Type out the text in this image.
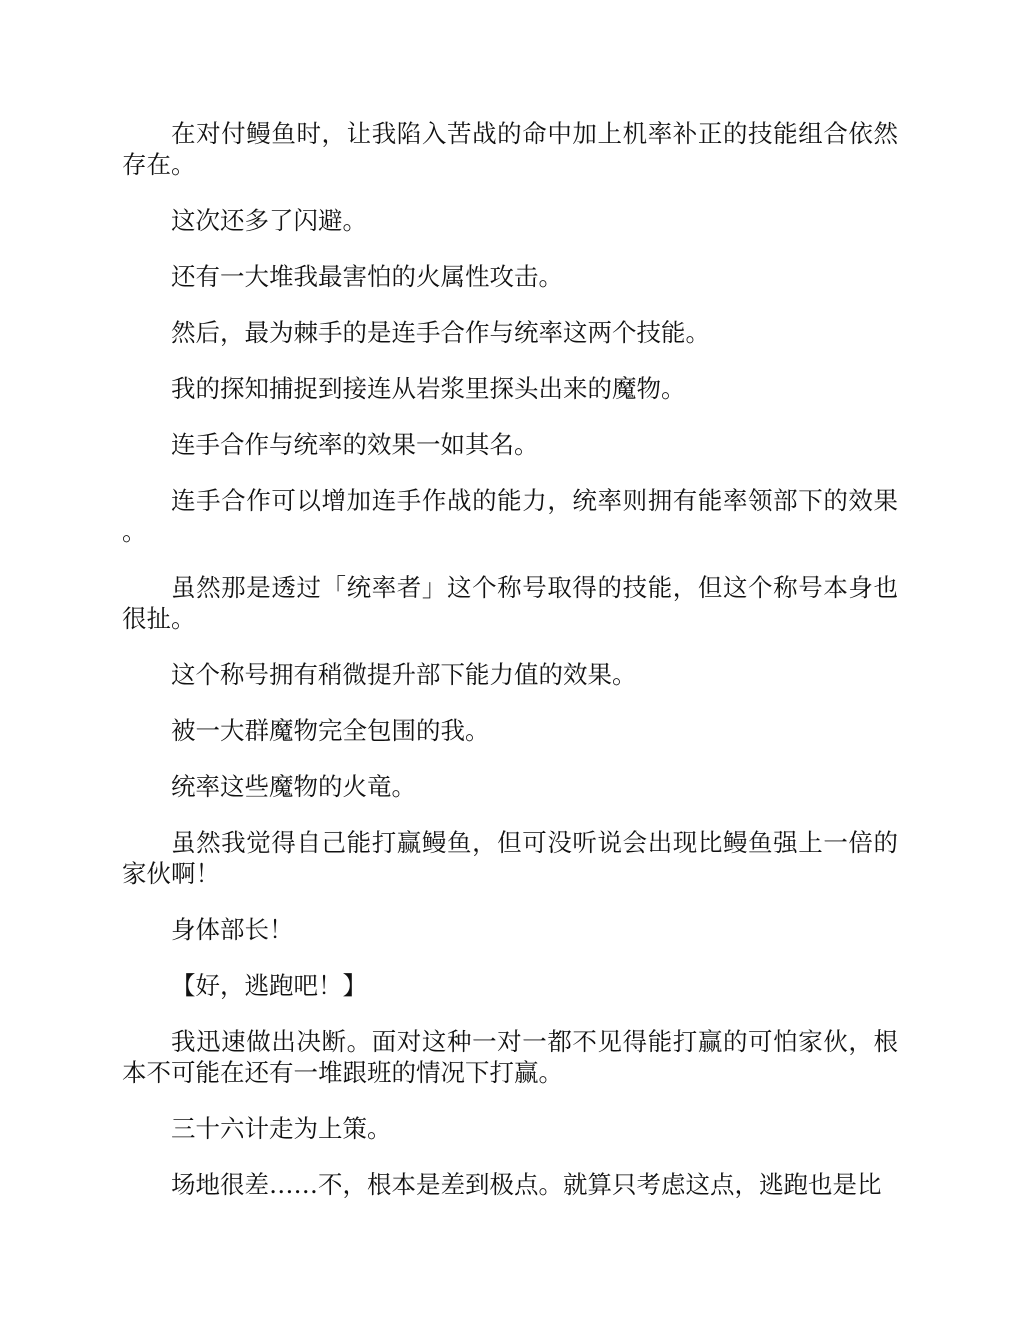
在对付鳗鱼时，让我陷入苦战的命中加上机率补正的技能组合依然存在。

这次还多了闪避。

还有一大堆我最害怕的火属性攻击。

然后，最为棘手的是连手合作与统率这两个技能。

我的探知捕捉到接连从岩浆里探头出来的魔物。

连手合作与统率的效果一如其名。

连手合作可以增加连手作战的能力，统率则拥有能率领部下的效果。

虽然那是透过「统率者」这个称号取得的技能，但这个称号本身也很扯。

这个称号拥有稍微提升部下能力值的效果。

被一大群魔物完全包围的我。

统率这些魔物的火竜。

虽然我觉得自己能打赢鳗鱼，但可没听说会出现比鳗鱼强上一倍的家伙啊！

身体部长！

【好，逃跑吧！】

我迅速做出决断。面对这种一对一都不见得能打赢的可怕家伙，根本不可能在还有一堆跟班的情况下打赢。

三十六计走为上策。

场地很差……不，根本是差到极点。就算只考虑这点，逃跑也是比
